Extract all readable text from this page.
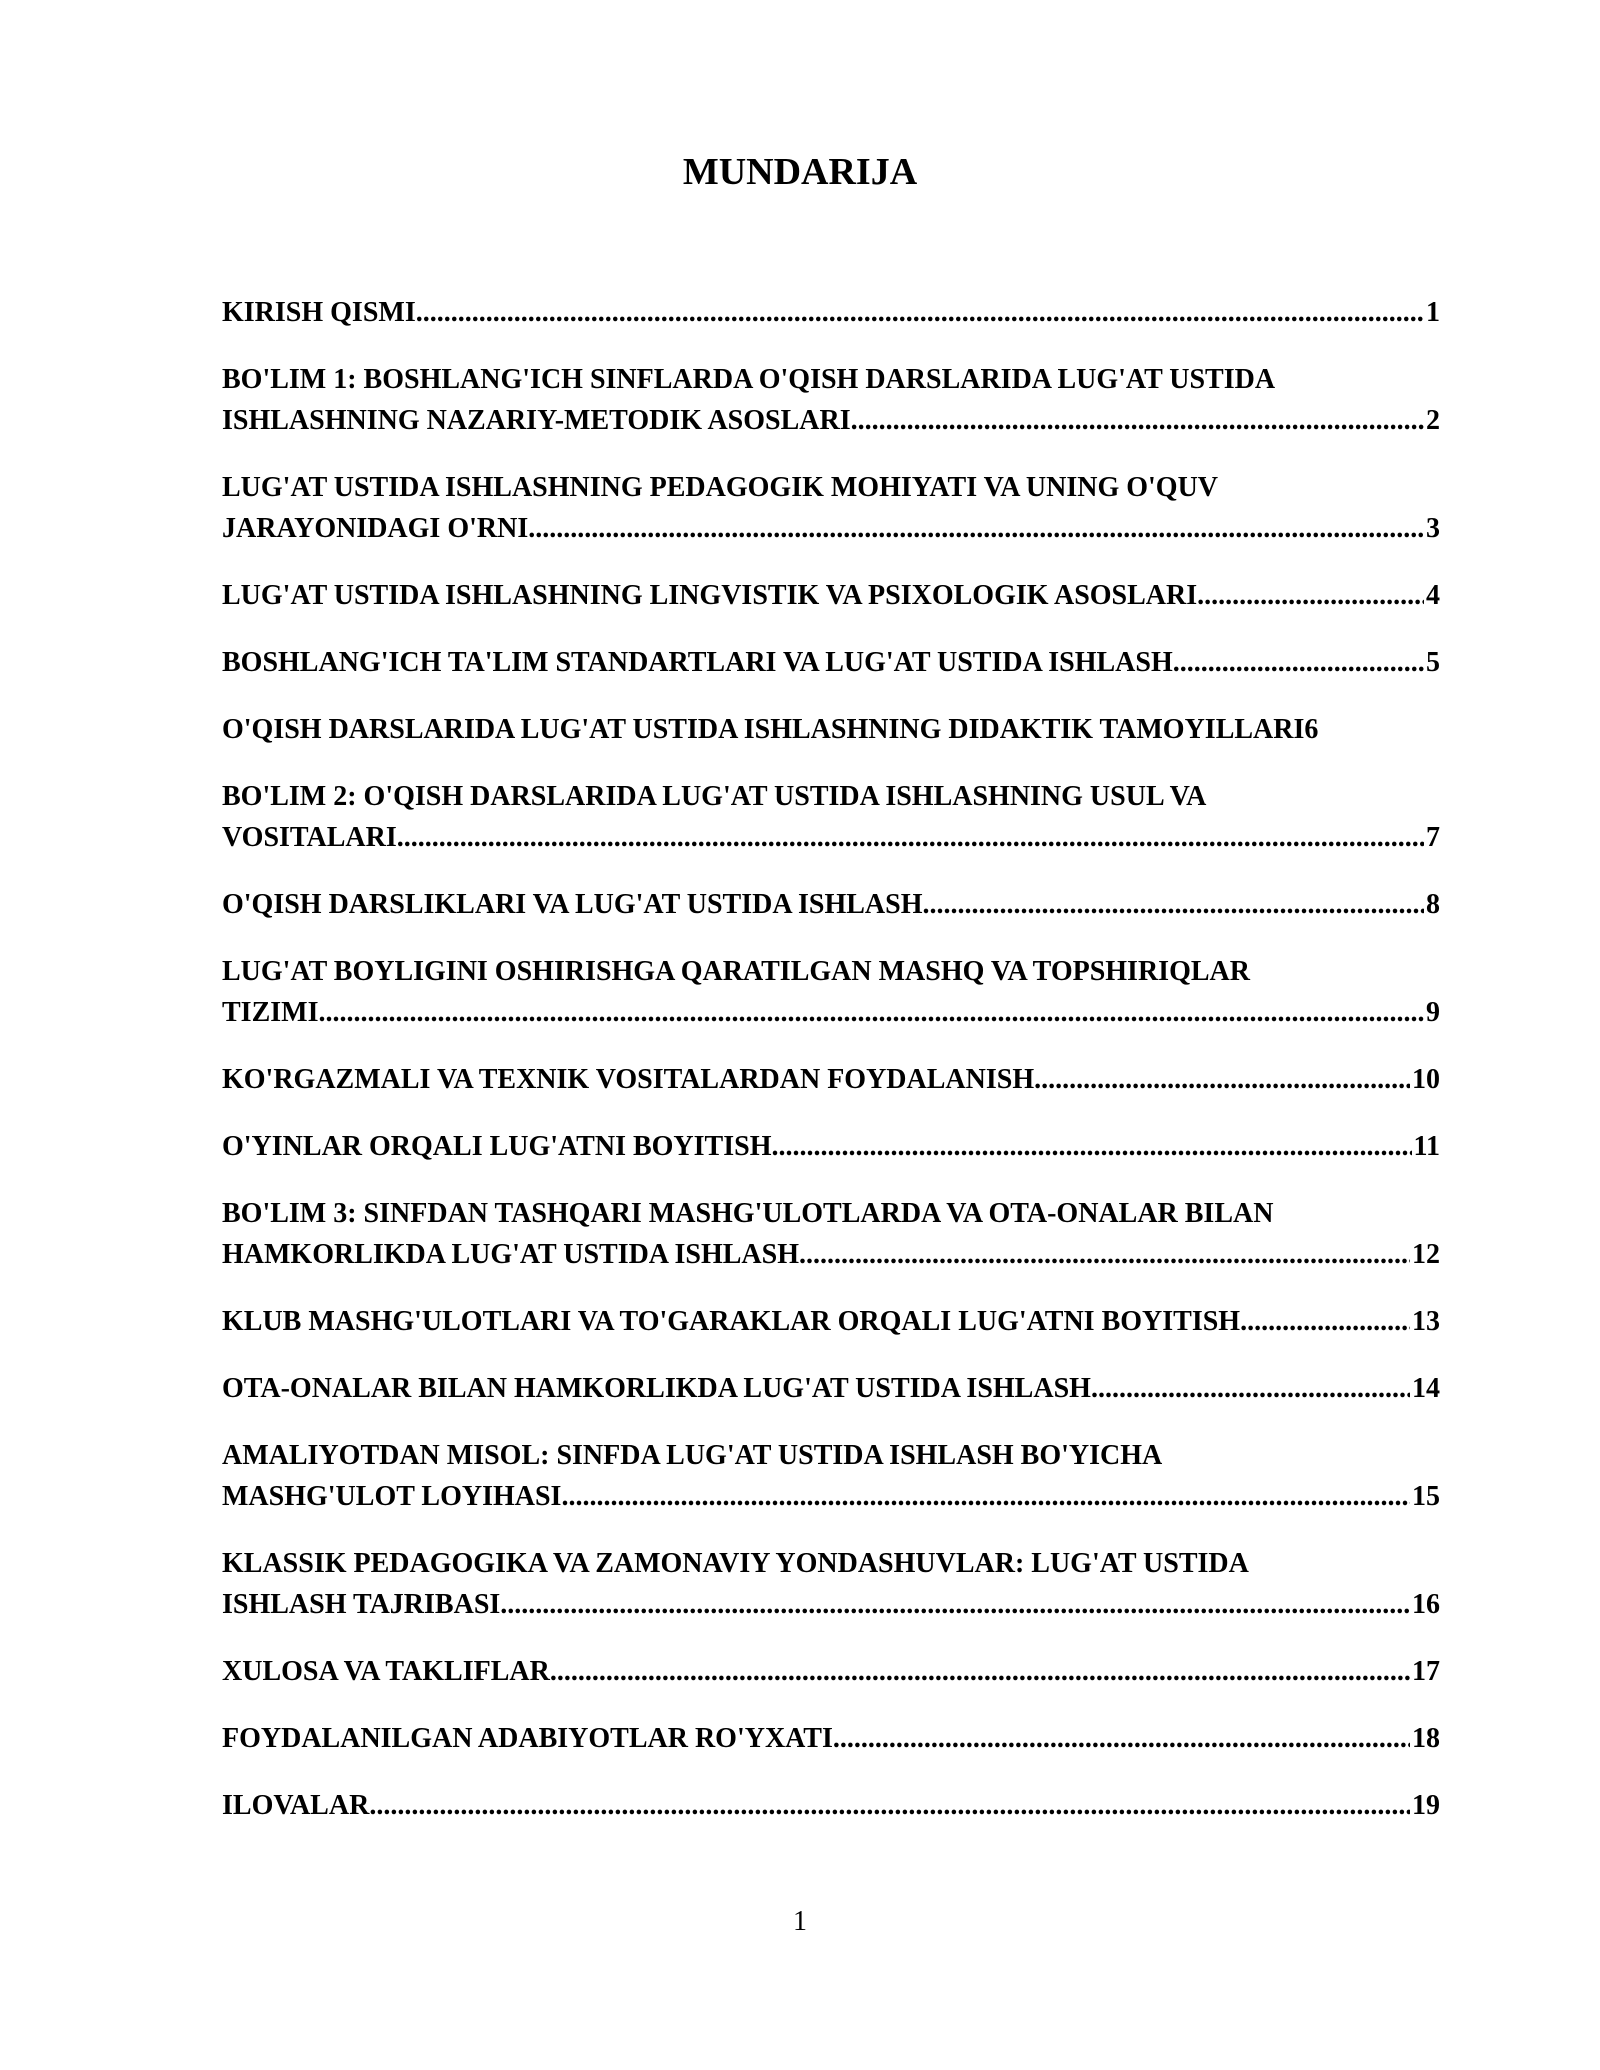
MUNDARIJA
KIRISH QISMI .....	1
BO'LIM 1: BOSHLANG'ICH SINFLARDA O'QISH DARSLARIDA LUG'AT USTIDA
ISHLASHNING NAZARIY-METODIK ASOSLARI .....	2
LUG'AT USTIDA ISHLASHNING PEDAGOGIK MOHIYATI VA UNING O'QUV
JARAYONIDAGI O'RNI .....	3
LUG'AT USTIDA ISHLASHNING LINGVISTIK VA PSIXOLOGIK ASOSLARI .....	4
BOSHLANG'ICH TA'LIM STANDARTLARI VA LUG'AT USTIDA ISHLASH .....	5
O'QISH DARSLARIDA LUG'AT USTIDA ISHLASHNING DIDAKTIK TAMOYILLARI 6
BO'LIM 2: O'QISH DARSLARIDA LUG'AT USTIDA ISHLASHNING USUL VA
VOSITALARI .....	7
O'QISH DARSLIKLARI VA LUG'AT USTIDA ISHLASH .....	8
LUG'AT BOYLIGINI OSHIRISHGA QARATILGAN MASHQ VA TOPSHIRIQLAR
TIZIMI .....	9
KO'RGAZMALI VA TEXNIK VOSITALARDAN FOYDALANISH .....	10
O'YINLAR ORQALI LUG'ATNI BOYITISH .....	11
BO'LIM 3: SINFDAN TASHQARI MASHG'ULOTLARDA VA OTA-ONALAR BILAN
HAMKORLIKDA LUG'AT USTIDA ISHLASH .....	12
KLUB MASHG'ULOTLARI VA TO'GARAKLAR ORQALI LUG'ATNI BOYITISH .....	13
OTA-ONALAR BILAN HAMKORLIKDA LUG'AT USTIDA ISHLASH .....	14
AMALIYOTDAN MISOL: SINFDA LUG'AT USTIDA ISHLASH BO'YICHA
MASHG'ULOT LOYIHASI .....	15
KLASSIK PEDAGOGIKA VA ZAMONAVIY YONDASHUVLAR: LUG'AT USTIDA
ISHLASH TAJRIBASI .....	16
XULOSA VA TAKLIFLAR .....	17
FOYDALANILGAN ADABIYOTLAR RO'YXATI .....	18
ILOVALAR .....	19
1
